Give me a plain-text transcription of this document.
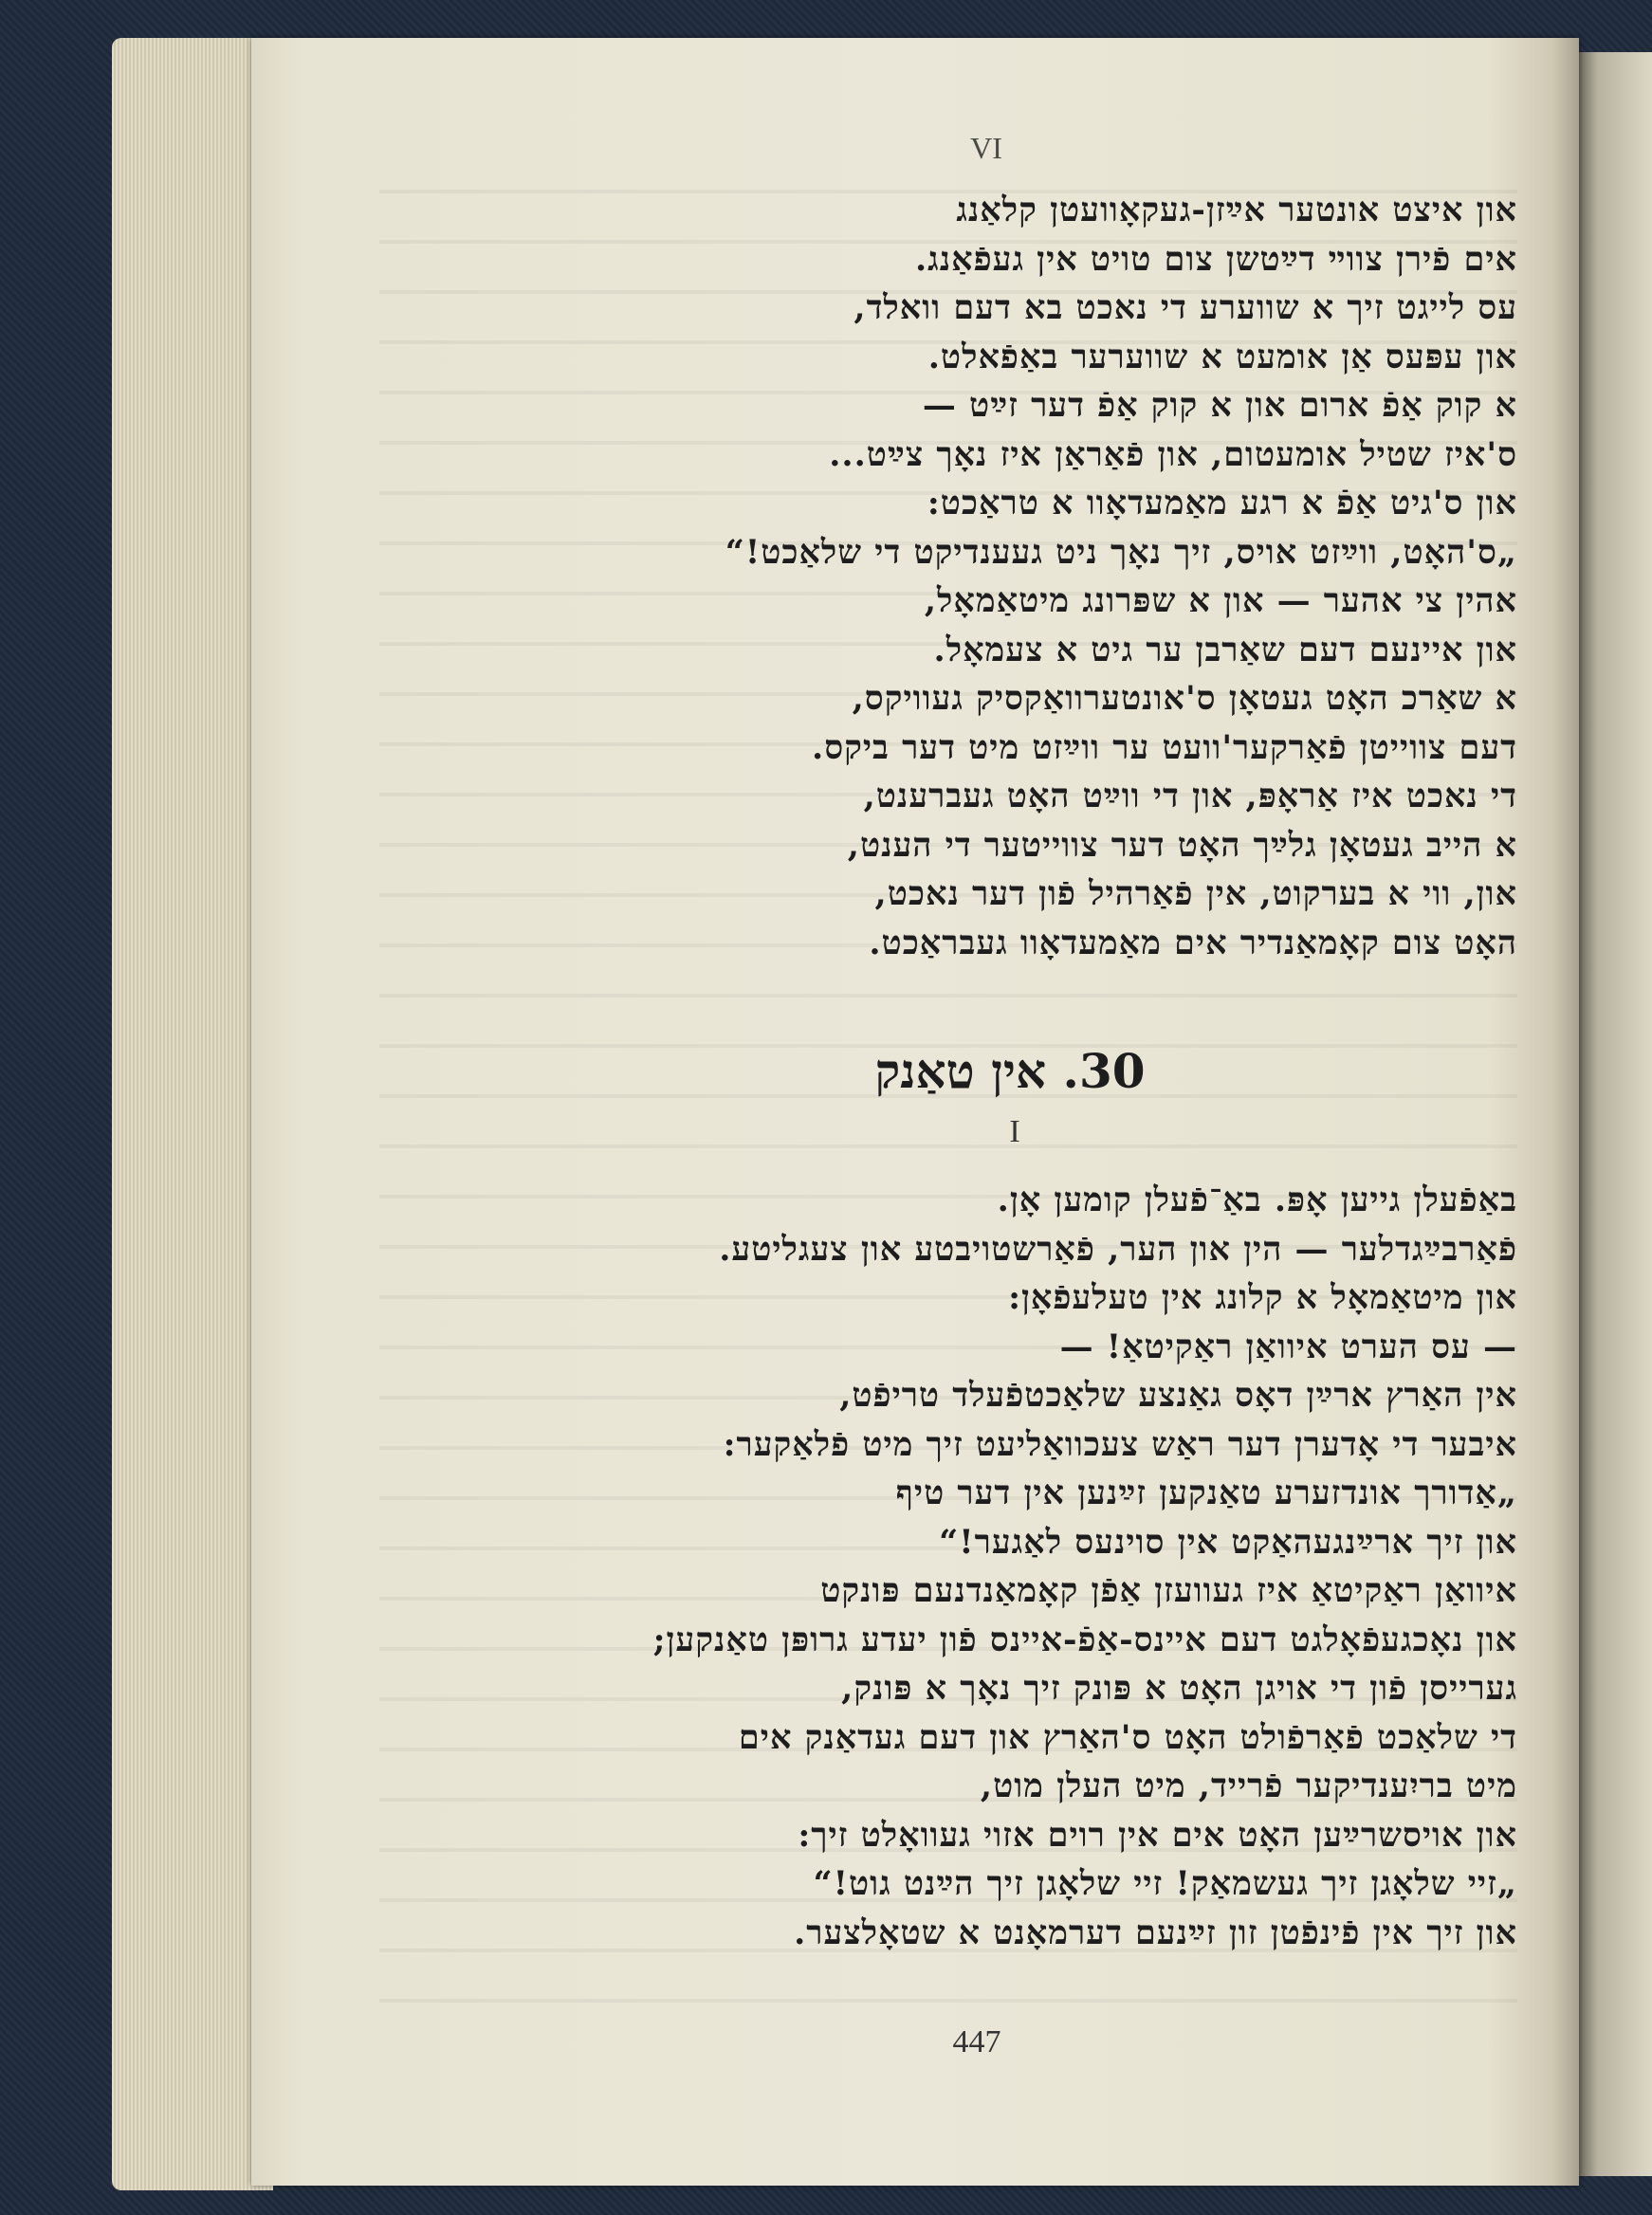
VI
און איצט אונטער אײַזן-געקאָוועטן קלאַנג
אים פֿירן צווײ דײַטשן צום טויט אין געפֿאַנג.
עס לייגט זיך א שווערע די נאכט בא דעם וואלד,
און עפּעס אַן אומעט א שווערער באַפֿאלט.
א קוק אַפֿ ארום און א קוק אַפֿ דער זײַט —
ס'איז שטיל אומעטום, און פֿאַראַן איז נאָך צײַט...
און ס'גיט אַפֿ א רגע מאַמעדאָוו א טראַכט:
„ס'האָט, ווײַזט אויס, זיך נאָך ניט געענדיקט די שלאַכט!“
אהין צי אהער — און א שפּרונג מיטאַמאָל,
און איינעם דעם שאַרבן ער גיט א צעמאָל.
א שאַרכ האָט געטאָן ס'אונטערוואַקסיק געוויקס,
דעם צווייטן פֿאַרקער'וועט ער ווײַזט מיט דער ביקס.
די נאכט איז אַראָפּ, און די ווײַט האָט געברענט,
א הייב געטאָן גלײַך האָט דער צווייטער די הענט,
און, ווי א בערקוט, אין פֿאַרהיל פֿון דער נאכט,
האָט צום קאָמאַנדיר אים מאַמעדאָוו געבראַכט.
30. אין טאַנק
I
באַפֿעלן גייען אָפּ. באַ־פֿעלן קומען אָן.
פֿאַרבײַגדלער — הין און הער, פֿאַרשטויבטע און צעגליטע.
און מיטאַמאָל א קלונג אין טעלעפֿאָן:
— עס הערט איוואַן ראַקיטאַ! —
אין האַרץ ארײַן דאָס גאַנצע שלאַכטפֿעלד טריפֿט,
איבער די אָדערן דער ראַש צעכוואַליעט זיך מיט פֿלאַקער:
„אַדורך אונדזערע טאַנקען זײַנען אין דער טיף
און זיך ארײַנגעהאַקט אין סוינעס לאַגער!“
איוואַן ראַקיטאַ איז געוועזן אַפֿן קאָמאַנדנעם פּונקט
און נאָכגעפֿאָלגט דעם איינס-אַפֿ-איינס פֿון יעדע גרופּן טאַנקען;
גערייסן פֿון די אויגן האָט א פּונק זיך נאָך א פּונק,
די שלאַכט פֿאַרפֿולט האָט ס'האַרץ און דעם געדאַנק אים
מיט בריִענדיקער פֿרייד, מיט העלן מוט,
און אויסשרײַען האָט אים אין רוים אזוי געוואָלט זיך:
„זיי שלאָגן זיך געשמאַק! זיי שלאָגן זיך הײַנט גוט!“
און זיך אין פֿינפֿטן זון זײַנעם דערמאָנט א שטאָלצער.
447
